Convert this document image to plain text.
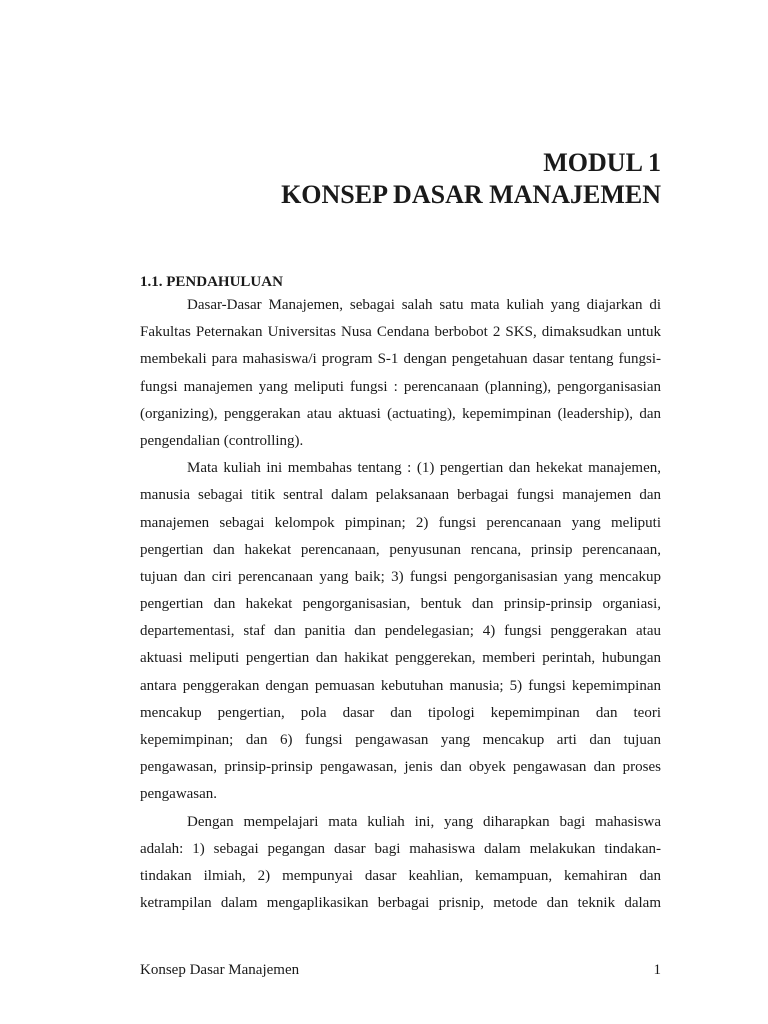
MODUL 1
KONSEP DASAR MANAJEMEN
1.1. PENDAHULUAN
Dasar-Dasar Manajemen, sebagai salah satu mata kuliah yang diajarkan di
Fakultas Peternakan Universitas Nusa Cendana berbobot 2 SKS, dimaksudkan untuk
membekali para mahasiswa/i program S-1 dengan pengetahuan dasar tentang fungsi-
fungsi manajemen yang meliputi fungsi : perencanaan (planning), pengorganisasian
(organizing), penggerakan atau aktuasi (actuating), kepemimpinan (leadership), dan
pengendalian (controlling).
Mata kuliah ini membahas tentang : (1) pengertian dan hekekat manajemen,
manusia sebagai titik sentral dalam pelaksanaan berbagai fungsi manajemen dan
manajemen sebagai kelompok pimpinan; 2) fungsi perencanaan yang meliputi
pengertian dan hakekat perencanaan, penyusunan rencana, prinsip perencanaan,
tujuan dan ciri perencanaan yang baik; 3) fungsi pengorganisasian yang mencakup
pengertian dan hakekat pengorganisasian, bentuk dan prinsip-prinsip organiasi,
departementasi, staf dan panitia dan pendelegasian; 4) fungsi penggerakan atau
aktuasi meliputi pengertian dan hakikat penggerekan, memberi perintah, hubungan
antara penggerakan dengan pemuasan kebutuhan manusia; 5) fungsi kepemimpinan
mencakup pengertian, pola dasar dan tipologi kepemimpinan dan teori
kepemimpinan; dan 6) fungsi pengawasan yang mencakup arti dan tujuan
pengawasan, prinsip-prinsip pengawasan, jenis dan obyek pengawasan dan proses
pengawasan.
Dengan mempelajari mata kuliah ini, yang diharapkan bagi mahasiswa
adalah: 1) sebagai pegangan dasar bagi mahasiswa dalam melakukan tindakan-
tindakan ilmiah, 2) mempunyai dasar keahlian, kemampuan, kemahiran dan
ketrampilan dalam mengaplikasikan berbagai prisnip, metode dan teknik dalam
Konsep Dasar Manajemen	1
